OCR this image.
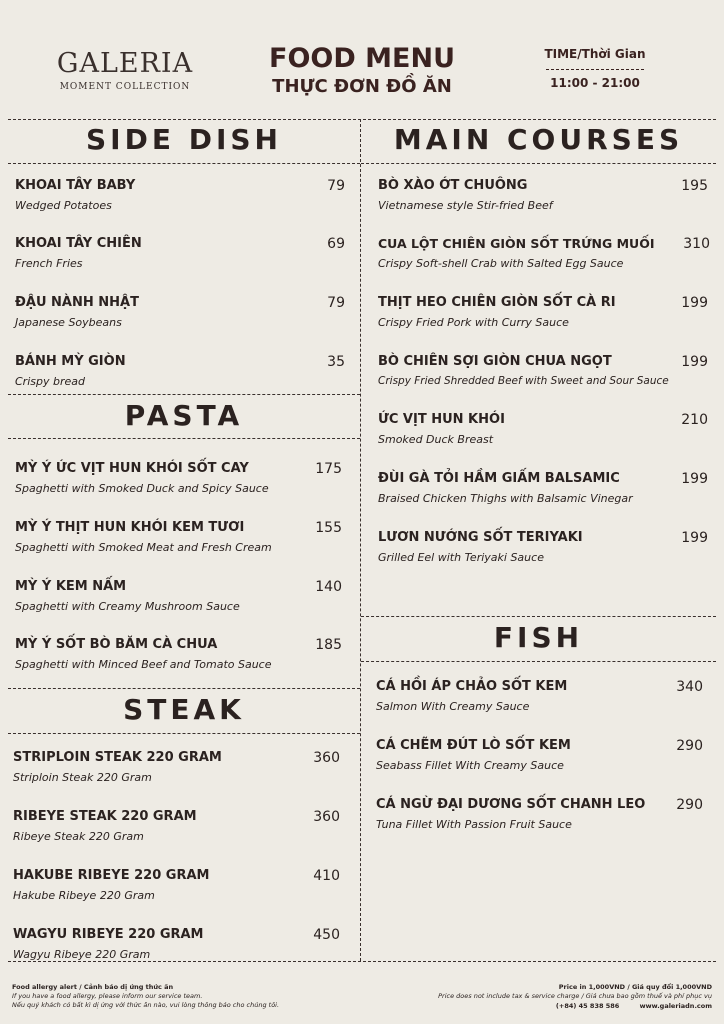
GALERIA
MOMENT COLLECTION
FOOD MENU
THỰC ĐƠN ĐỒ ĂN
TIME/Thời Gian
11:00 - 21:00
SIDE DISH
KHOAI TÂY BABY
Wedged Potatoes
79
KHOAI TÂY CHIÊN
French Fries
69
ĐẬU NÀNH NHẬT
Japanese Soybeans
79
BÁNH MỲ GIÒN
Crispy bread
35
PASTA
MỲ Ý ỨC VỊT HUN KHÓI SỐT CAY
Spaghetti with Smoked Duck and Spicy Sauce
175
MỲ Ý THỊT HUN KHÓI KEM TƯƠI
Spaghetti with Smoked Meat and Fresh Cream
155
MỲ Ý KEM NẤM
Spaghetti with Creamy Mushroom Sauce
140
MỲ Ý SỐT BÒ BĂM CÀ CHUA
Spaghetti with Minced Beef and Tomato Sauce
185
STEAK
STRIPLOIN STEAK 220 GRAM
Striploin Steak 220 Gram
360
RIBEYE STEAK 220 GRAM
Ribeye Steak 220 Gram
360
HAKUBE RIBEYE 220 GRAM
Hakube Ribeye 220 Gram
410
WAGYU RIBEYE 220 GRAM
Wagyu Ribeye 220 Gram
450
MAIN COURSES
BÒ XÀO ỚT CHUÔNG
Vietnamese style Stir-fried Beef
195
CUA LỘT CHIÊN GIÒN SỐT TRỨNG MUỐI
Crispy Soft-shell Crab with Salted Egg Sauce
310
THỊT HEO CHIÊN GIÒN SỐT CÀ RI
Crispy Fried Pork with Curry Sauce
199
BÒ CHIÊN SỢI GIÒN CHUA NGỌT
Crispy Fried Shredded Beef with Sweet and Sour Sauce
199
ỨC VỊT HUN KHÓI
Smoked Duck Breast
210
ĐÙI GÀ TỎI HẦM GIẤM BALSAMIC
Braised Chicken Thighs with Balsamic Vinegar
199
LƯƠN NƯỚNG SỐT TERIYAKI
Grilled Eel with Teriyaki Sauce
199
FISH
CÁ HỒI ÁP CHẢO SỐT KEM
Salmon With Creamy Sauce
340
CÁ CHẼM ĐÚT LÒ SỐT KEM
Seabass Fillet With Creamy Sauce
290
CÁ NGỪ ĐẠI DƯƠNG SỐT CHANH LEO
Tuna Fillet With Passion Fruit Sauce
290
Food allergy alert / Cảnh báo dị ứng thức ăn
If you have a food allergy, please inform our service team.
Nếu quý khách có bất kì dị ứng với thức ăn nào, vui lòng thông báo cho chúng tôi.
Price in 1,000VND / Giá quy đổi 1,000VND
Price does not include tax & service charge / Giá chưa bao gồm thuế và phí phục vụ
(+84) 45 838 586	www.galeriadn.com
